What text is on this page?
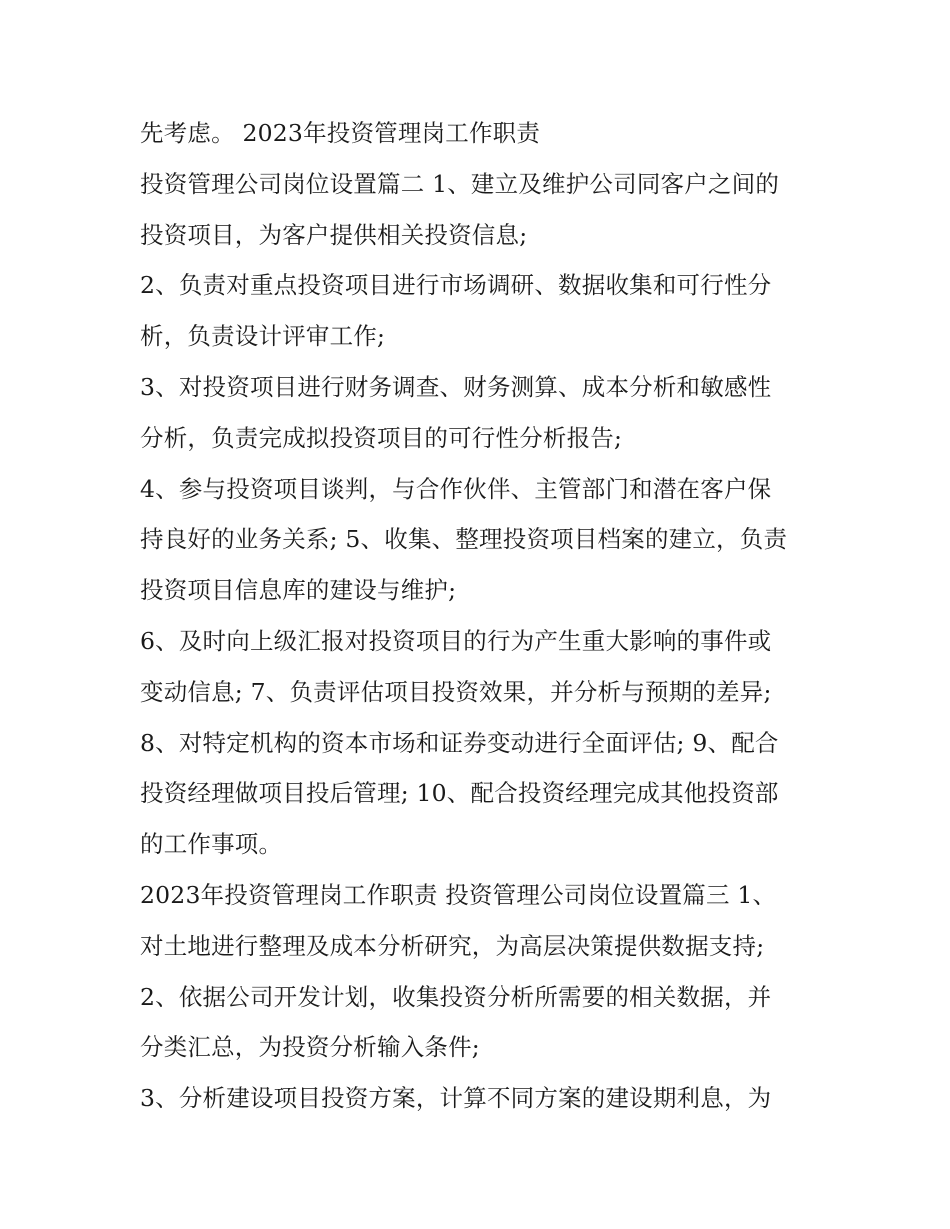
先考虑。 2023年投资管理岗工作职责
投资管理公司岗位设置篇二 1、建立及维护公司同客户之间的
投资项目，为客户提供相关投资信息;
2、负责对重点投资项目进行市场调研、数据收集和可行性分
析，负责设计评审工作;
3、对投资项目进行财务调查、财务测算、成本分析和敏感性
分析，负责完成拟投资项目的可行性分析报告;
4、参与投资项目谈判，与合作伙伴、主管部门和潜在客户保
持良好的业务关系; 5、收集、整理投资项目档案的建立，负责
投资项目信息库的建设与维护;
6、及时向上级汇报对投资项目的行为产生重大影响的事件或
变动信息; 7、负责评估项目投资效果，并分析与预期的差异;
8、对特定机构的资本市场和证券变动进行全面评估; 9、配合
投资经理做项目投后管理; 10、配合投资经理完成其他投资部
的工作事项。
2023年投资管理岗工作职责 投资管理公司岗位设置篇三 1、
对土地进行整理及成本分析研究，为高层决策提供数据支持;
2、依据公司开发计划，收集投资分析所需要的相关数据，并
分类汇总，为投资分析输入条件;
3、分析建设项目投资方案，计算不同方案的建设期利息，为
